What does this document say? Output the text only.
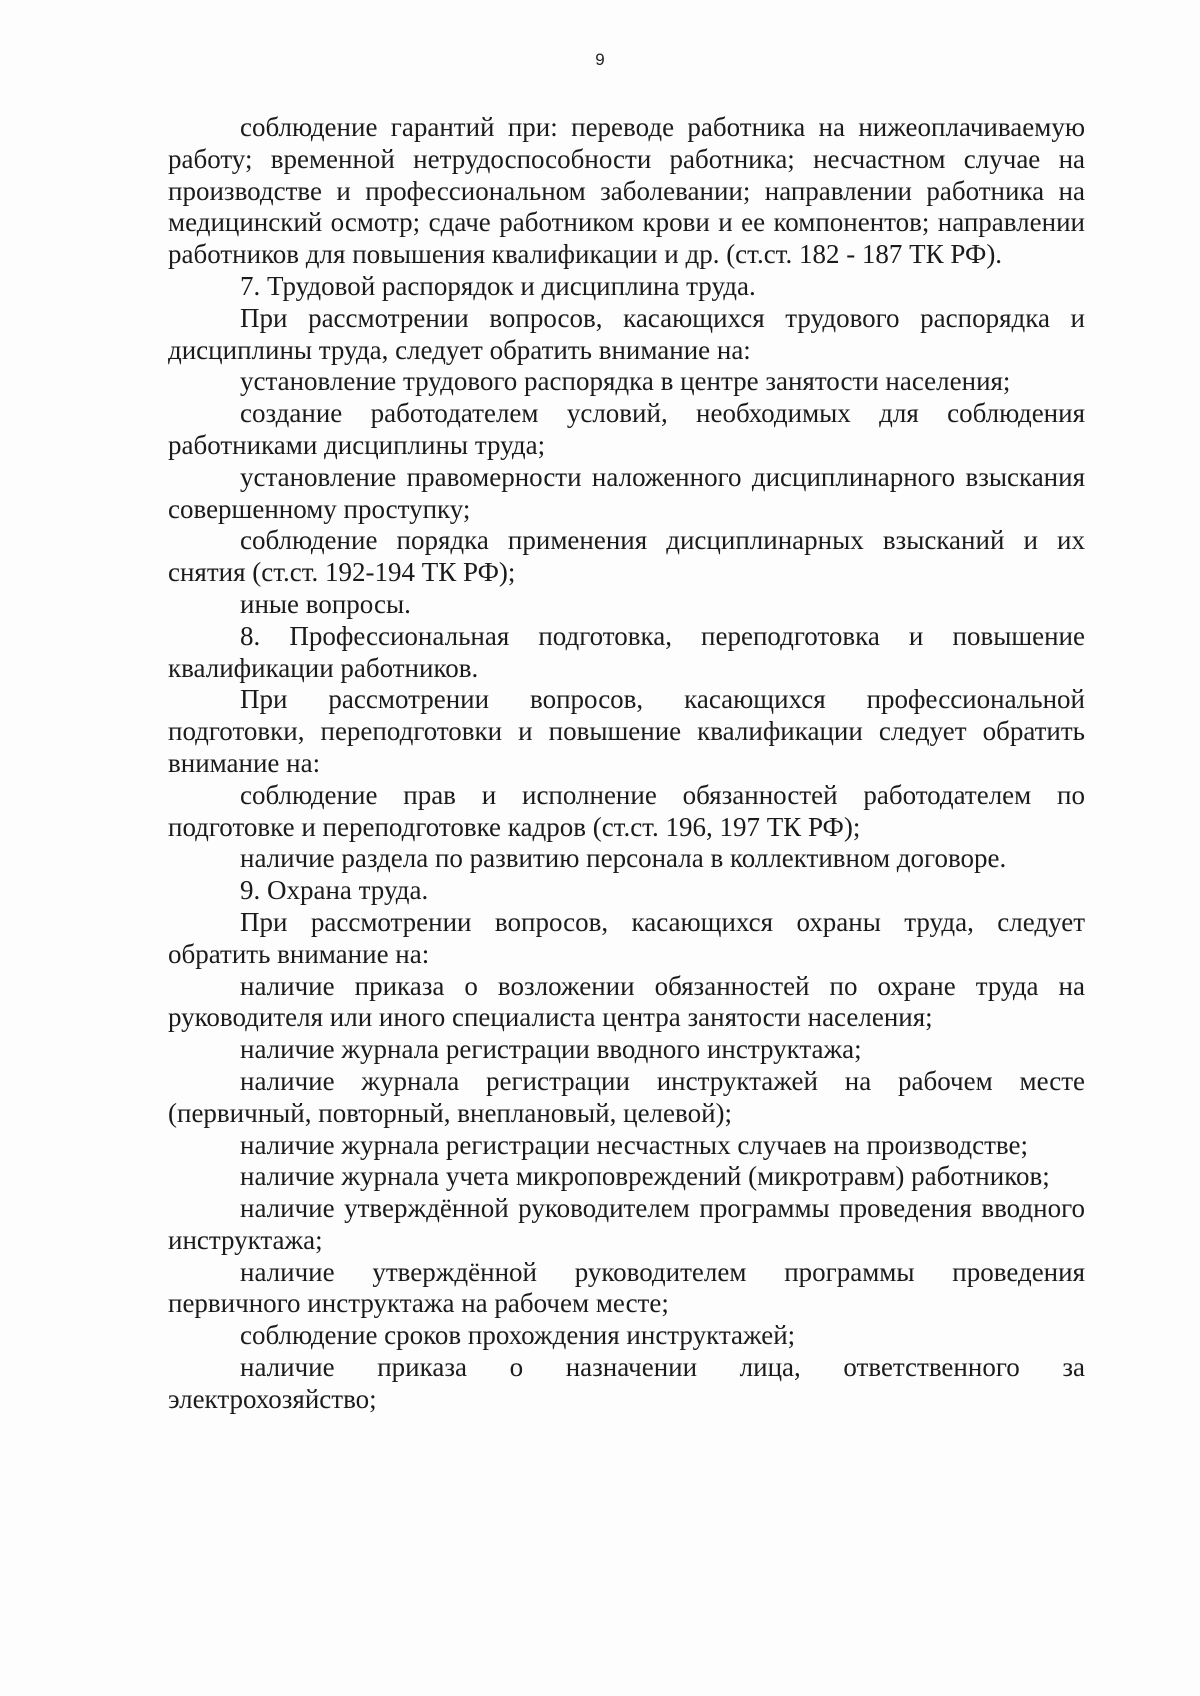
9

соблюдение гарантий при: переводе работника на нижеоплачиваемую работу; временной нетрудоспособности работника; несчастном случае на производстве и профессиональном заболевании; направлении работника на медицинский осмотр; сдаче работником крови и ее компонентов; направлении работников для повышения квалификации и др. (ст.ст. 182 - 187 ТК РФ).

7. Трудовой распорядок и дисциплина труда.

При рассмотрении вопросов, касающихся трудового распорядка и дисциплины труда, следует обратить внимание на:

установление трудового распорядка в центре занятости населения;

создание работодателем условий, необходимых для соблюдения работниками дисциплины труда;

установление правомерности наложенного дисциплинарного взыскания совершенному проступку;

соблюдение порядка применения дисциплинарных взысканий и их снятия (ст.ст. 192-194 ТК РФ);

иные вопросы.

8. Профессиональная подготовка, переподготовка и повышение квалификации работников.

При рассмотрении вопросов, касающихся профессиональной подготовки, переподготовки и повышение квалификации следует обратить внимание на:

соблюдение прав и исполнение обязанностей работодателем по подготовке и переподготовке кадров (ст.ст. 196, 197 ТК РФ);

наличие раздела по развитию персонала в коллективном договоре.

9. Охрана труда.

При рассмотрении вопросов, касающихся охраны труда, следует обратить внимание на:

наличие приказа о возложении обязанностей по охране труда на руководителя или иного специалиста центра занятости населения;

наличие журнала регистрации вводного инструктажа;

наличие журнала регистрации инструктажей на рабочем месте (первичный, повторный, внеплановый, целевой);

наличие журнала регистрации несчастных случаев на производстве;

наличие журнала учета микроповреждений (микротравм) работников;

наличие утверждённой руководителем программы проведения вводного инструктажа;

наличие утверждённой руководителем программы проведения первичного инструктажа на рабочем месте;

соблюдение сроков прохождения инструктажей;

наличие приказа о назначении лица, ответственного за электрохозяйство;
